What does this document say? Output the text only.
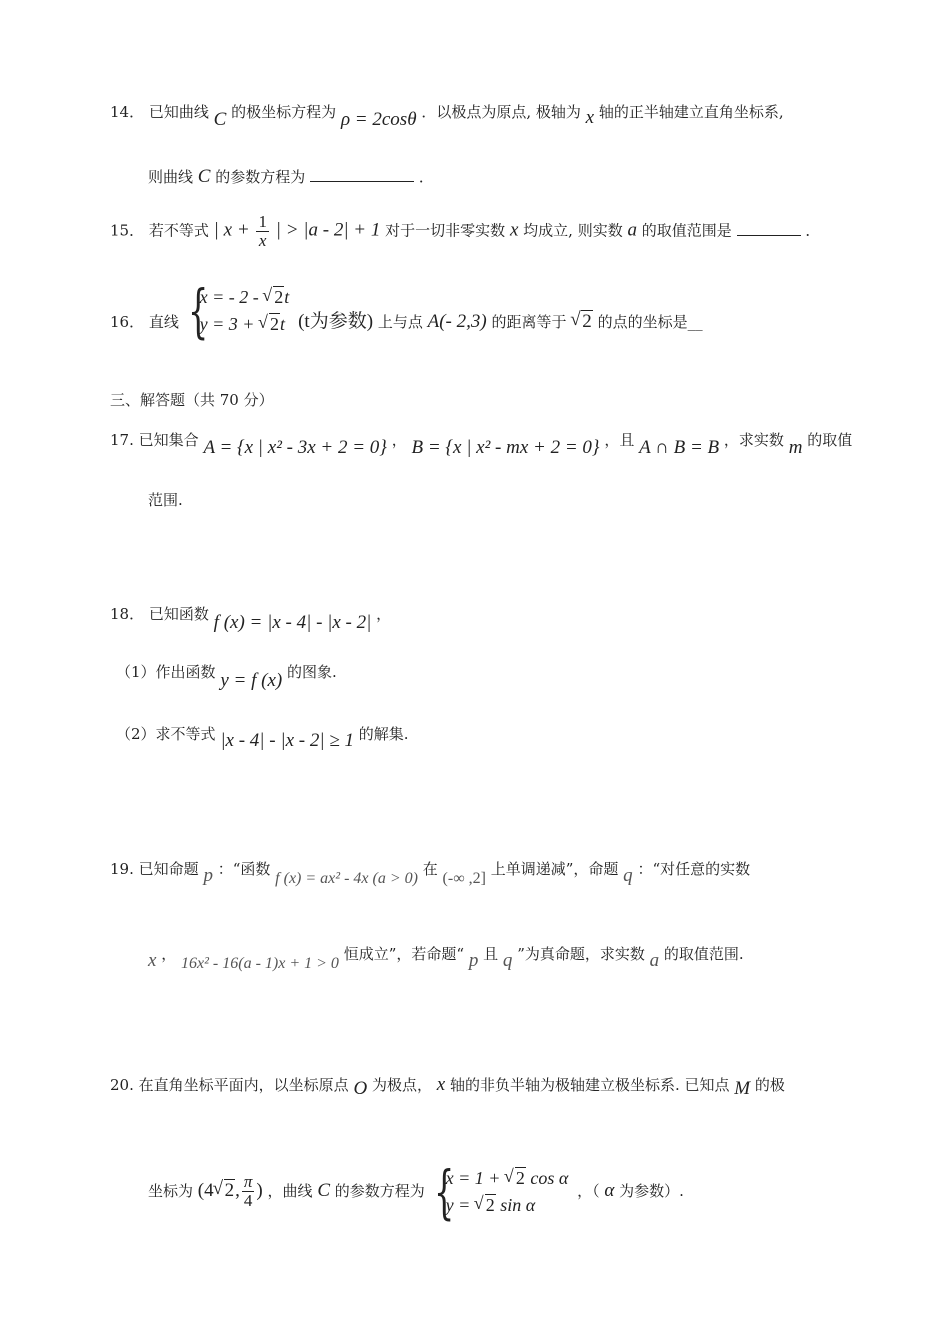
14． 已知曲线 C 的极坐标方程为 ρ = 2cosθ ．以极点为原点, 极轴为 x 轴的正半轴建立直角坐标系,
则曲线 C 的参数方程为	．
15． 若不等式 | $x + \frac{1}{x}$ | > |a - 2| + 1 对于一切非零实数 x 均成立, 则实数 a 的取值范围是	．
16． 直线 {
x = - 2 - √ 2t
y = 3 + √ 2t (t为参数) 上与点 A(- 2,3) 的距离等于 √ 2 的点的坐标是__
三、解答题（共 70 分）
17. 已知集合 A = {x | x² - 3x + 2 = 0} ， B = {x | x² - mx + 2 = 0} ，且 A ∩ B = B ，求实数 m 的取值
范围.
18． 已知函数 f (x) = |x - 4| - |x - 2| ，
（1）作出函数 y = f (x) 的图象.
（2）求不等式 |x - 4| - |x - 2| ≥ 1 的解集.
19. 已知命题 p ：“函数 f (x) = ax² - 4x (a > 0) 在 (-∞ ,2] 上单调递减”，命题 q ：“对任意的实数
x ， 16x² - 16(a - 1)x + 1 > 0 恒成立”，若命题“ p 且 q ”为真命题，求实数 a 的取值范围.
20. 在直角坐标平面内，以坐标原点 O 为极点， x 轴的非负半轴为极轴建立极坐标系. 已知点 M 的极
坐标为 (4 √ 2, $\frac{\pi}{4}$ ) ，曲线 C 的参数方程为 {
x = 1 + √ 2 cos α
y = √ 2 sin α
，（ α 为参数）.
